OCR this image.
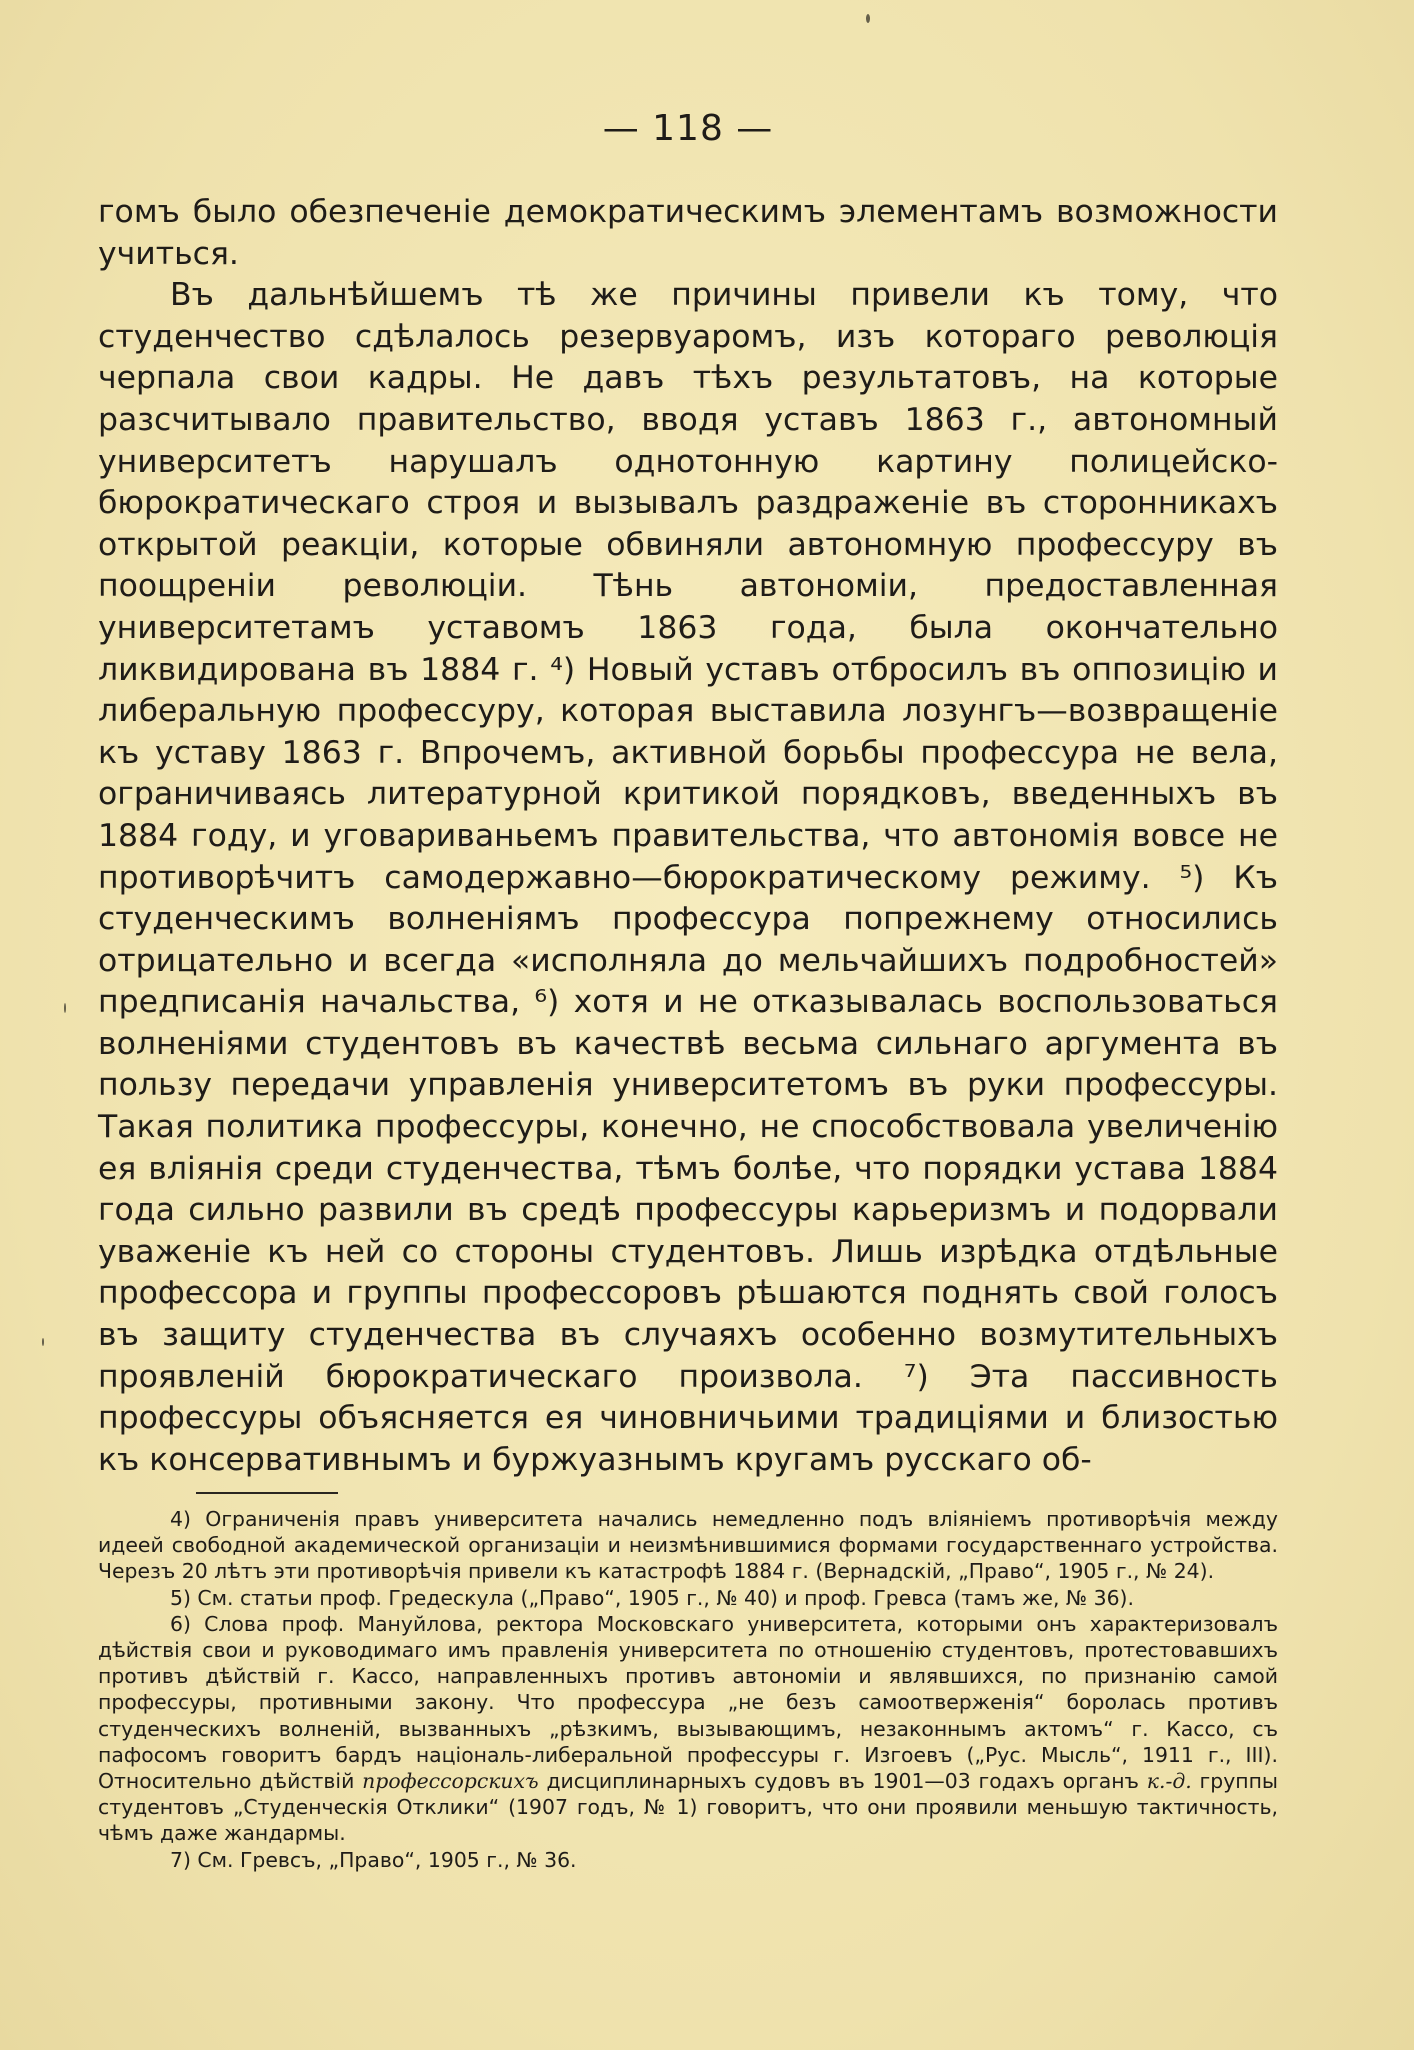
— 118 —

гомъ было обезпеченіе демократическимъ элементамъ возможности учиться.

Въ дальнѣйшемъ тѣ же причины привели къ тому, что студенчество сдѣлалось резервуаромъ, изъ котораго революція черпала свои кадры. Не давъ тѣхъ результатовъ, на которые разсчитывало правительство, вводя уставъ 1863 г., автономный университетъ нарушалъ однотонную картину полицейско-бюрократическаго строя и вызывалъ раздраженіе въ сторонникахъ открытой реакціи, которые обвиняли автономную профессуру въ поощреніи революціи. Тѣнь автономіи, предоставленная университетамъ уставомъ 1863 года, была окончательно ликвидирована въ 1884 г. ⁴) Новый уставъ отбросилъ въ оппозицію и либеральную профессуру, которая выставила лозунгъ—возвращеніе къ уставу 1863 г. Впрочемъ, активной борьбы профессура не вела, ограничиваясь литературной критикой порядковъ, введенныхъ въ 1884 году, и уговариваньемъ правительства, что автономія вовсе не противорѣчитъ самодержавно—бюрократическому режиму. ⁵) Къ студенческимъ волненіямъ профессура попрежнему относились отрицательно и всегда «исполняла до мельчайшихъ подробностей» предписанія начальства, ⁶) хотя и не отказывалась воспользоваться волненіями студентовъ въ качествѣ весьма сильнаго аргумента въ пользу передачи управленія университетомъ въ руки профессуры. Такая политика профессуры, конечно, не способствовала увеличенію ея вліянія среди студенчества, тѣмъ болѣе, что порядки устава 1884 года сильно развили въ средѣ профессуры карьеризмъ и подорвали уваженіе къ ней со стороны студентовъ. Лишь изрѣдка отдѣльные профессора и группы профессоровъ рѣшаются поднять свой голосъ въ защиту студенчества въ случаяхъ особенно возмутительныхъ проявленій бюрократическаго произвола. ⁷) Эта пассивность профессуры объясняется ея чиновничьими традиціями и близостью къ консервативнымъ и буржуазнымъ кругамъ русскаго об-

4) Ограниченія правъ университета начались немедленно подъ вліяніемъ противорѣчія между идеей свободной академической организаціи и неизмѣнившимися формами государственнаго устройства. Черезъ 20 лѣтъ эти противорѣчія привели къ катастрофѣ 1884 г. (Вернадскій, „Право“, 1905 г., № 24).

5) См. статьи проф. Гредескула („Право“, 1905 г., № 40) и проф. Гревса (тамъ же, № 36).

6) Слова проф. Мануйлова, ректора Московскаго университета, которыми онъ характеризовалъ дѣйствія свои и руководимаго имъ правленія университета по отношенію студентовъ, протестовавшихъ противъ дѣйствій г. Кассо, направленныхъ противъ автономіи и являвшихся, по признанію самой профессуры, противными закону. Что профессура „не безъ самоотверженія“ боролась противъ студенческихъ волненій, вызванныхъ „рѣзкимъ, вызывающимъ, незаконнымъ актомъ“ г. Кассо, съ пафосомъ говоритъ бардъ національ-либеральной профессуры г. Изгоевъ („Рус. Мысль“, 1911 г., III). Относительно дѣйствій профессорскихъ дисциплинарныхъ судовъ въ 1901—03 годахъ органъ к.-д. группы студентовъ „Студенческія Отклики“ (1907 годъ, № 1) говоритъ, что они проявили меньшую тактичность, чѣмъ даже жандармы.

7) См. Гревсъ, „Право“, 1905 г., № 36.
